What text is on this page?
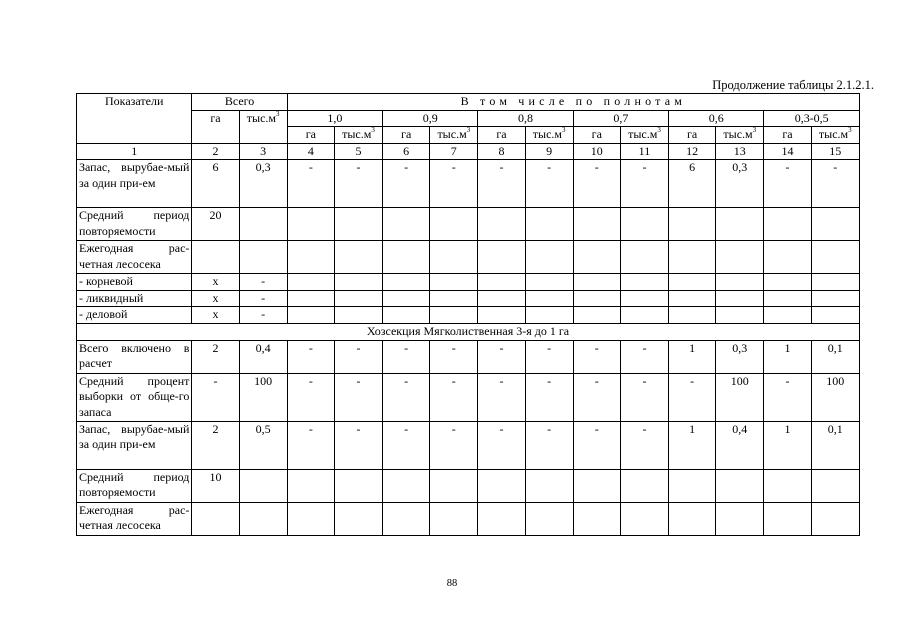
Продолжение таблицы 2.1.2.1.
Показатели	Всего		В том числе по полнотам											
	га	$тыс.м^3$	1,0		0,9		0,8		0,7		0,6		0,3-0,5	
			га	$тыс.м^3$	га	$тыс.м^3$	га	$тыс.м^3$	га	$тыс.м^3$	га	$тыс.м^3$	га	$тыс.м^3$
1	2	3	4	5	6	7	8	9	10	11	12	13	14	15
Запас, вырубае-мый за один при-ем	6	0,3	-	-	-	-	-	-	-	-	6	0,3	-	-
Средний период повторяемости	20													
Ежегодная рас-четная лесосека														
- корневой	х	-												
- ликвидный	х	-												
- деловой	х	-												
Хозсекция Мягколиственная 3-я до 1 га														
Всего включено в расчет	2	0,4	-	-	-	-	-	-	-	-	1	0,3	1	0,1
Средний процент выборки от обще-го запаса	-	100	-	-	-	-	-	-	-	-	-	100	-	100
Запас, вырубае-мый за один при-ем	2	0,5	-	-	-	-	-	-	-	-	1	0,4	1	0,1
Средний период повторяемости	10													
Ежегодная рас-четная лесосека														
88
